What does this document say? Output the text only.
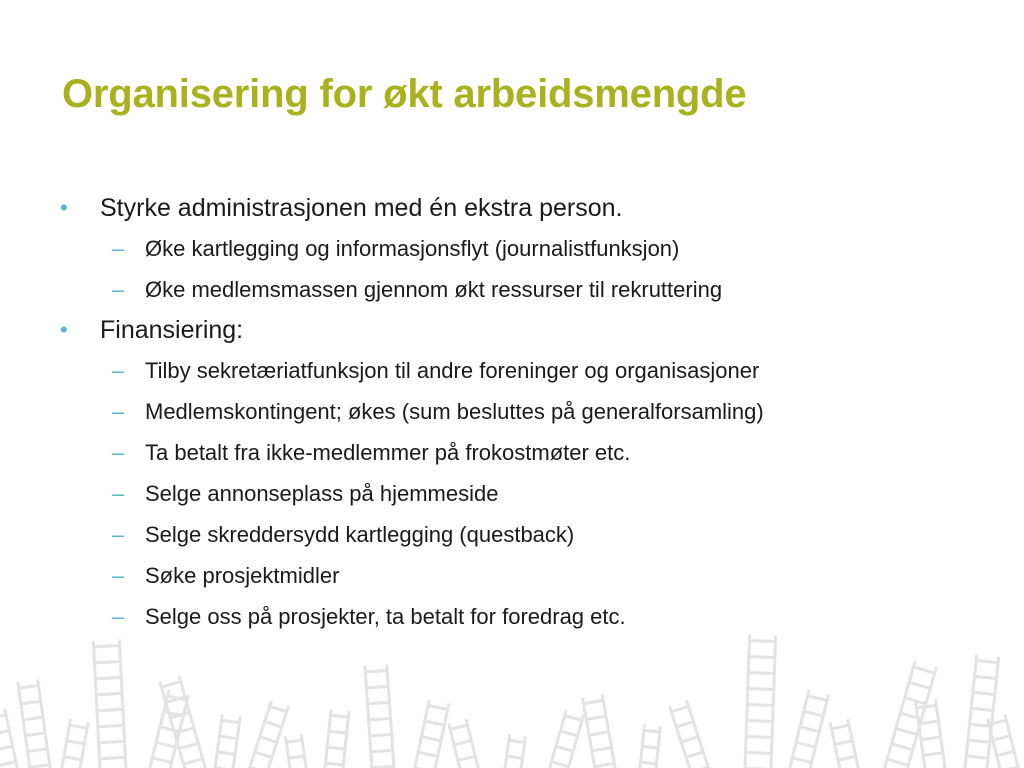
Organisering for økt arbeidsmengde
•	Styrke administrasjonen med én ekstra person.
– Øke kartlegging og informasjonsflyt (journalistfunksjon)
– Øke medlemsmassen gjennom økt ressurser til rekruttering
•	Finansiering:
– Tilby sekretæriatfunksjon til andre foreninger og organisasjoner
– Medlemskontingent; økes (sum besluttes på generalforsamling)
– Ta betalt fra ikke-medlemmer på frokostmøter etc.
– Selge annonseplass på hjemmeside
– Selge skreddersydd kartlegging (questback)
– Søke prosjektmidler
– Selge oss på prosjekter, ta betalt for foredrag etc.
